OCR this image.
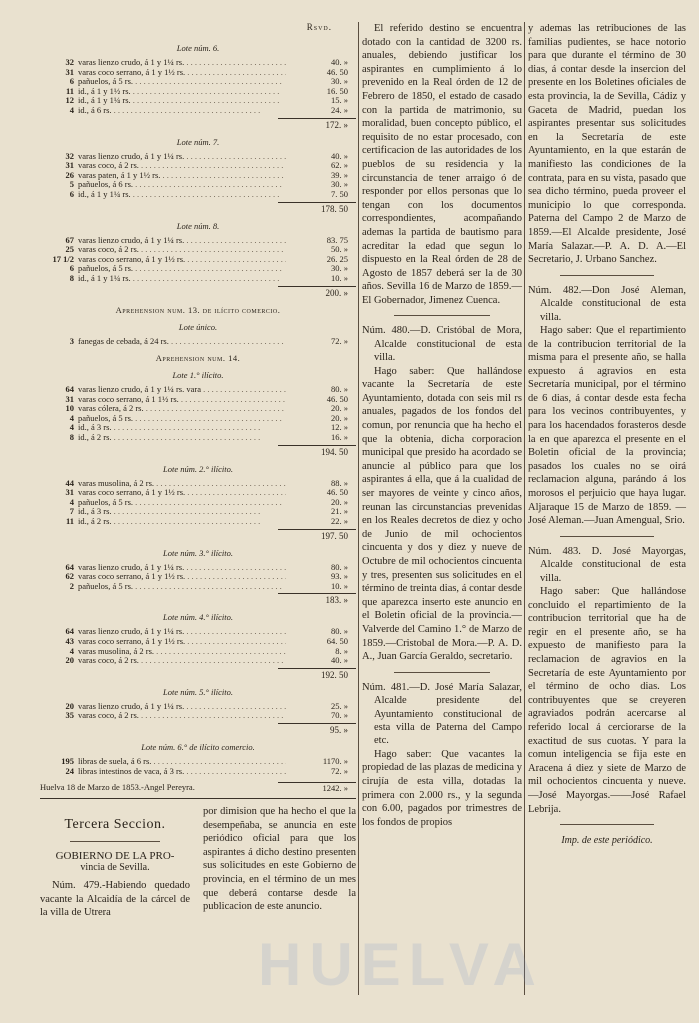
Rsvd.
Lote núm. 6.
32 varas lienzo crudo, á 1 y 1¼ rs. . . .	40. »
31 varas coco serrano, á 1 y 1½ rs. . . .	46. 50
6 pañuelos, á 5 rs. . . .	30. »
11 id., á 1 y 1½ rs. . . .	16. 50
12 id., á 1 y 1¼ rs. . . .	15. »
4 id., á 6 rs. . . .	24. »
172. »
Lote núm. 7.
32 varas lienzo crudo, á 1 y 1¼ rs. . . .	40. »
31 varas coco, á 2 rs. . . .	62. »
26 varas paten, á 1 y 1½ rs. . . .	39. »
5 pañuelos, á 6 rs. . . .	30. »
6 id., á 1 y 1¼ rs. . . .	7. 50
178. 50
Lote núm. 8.
67 varas lienzo crudo, á 1 y 1¼ rs. . . .	83. 75
25 varas coco, á 2 rs. . . .	50. »
17 1/2 varas coco serrano, á 1 y 1½ rs. . . .	26. 25
6 pañuelos, á 5 rs. . . .	30. »
8 id., á 1 y 1¼ rs. . . .	10. »
200. »
Aprehension num. 13. de ilícito comercio.
Lote único.
3 fanegas de cebada, á 24 rs. . . .	72. »
Aprehension num. 14.
Lote 1.° ilícito.
64 varas lienzo crudo, á 1 y 1¼ rs. vara . . .	80. »
31 varas coco serrano, á 1 1½ rs. . . .	46. 50
10 varas cólera, á 2 rs. . . .	20. »
4 pañuelos, á 5 rs. . . .	20. »
4 id., á 3 rs. . . .	12. »
8 id., á 2 rs. . . .	16. »
194. 50
Lote núm. 2.° ilícito.
44 varas musolina, á 2 rs. . . .	88. »
31 varas coco serrano, á 1 y 1½ rs. . . .	46. 50
4 pañuelos, á 5 rs. . . .	20. »
7 id., á 3 rs. . . .	21. »
11 id., á 2 rs. . . .	22. »
197. 50
Lote núm. 3.° ilícito.
64 varas lienzo crudo, á 1 y 1¼ rs. . . .	80. »
62 varas coco serrano, á 1 y 1½ rs. . . .	93. »
2 pañuelos, á 5 rs. . . .	10. »
183. »
Lote núm. 4.° ilícito.
64 varas lienzo crudo, á 1 y 1¼ rs. . . .	80. »
43 varas coco serrano, á 1 y 1½ rs. . . .	64. 50
4 varas musolina, á 2 rs. . . .	8. »
20 varas coco, á 2 rs. . . .	40. »
192. 50
Lote núm. 5.° ilícito.
20 varas lienzo crudo, á 1 y 1¼ rs. . . .	25. »
35 varas coco, á 2 rs. . . .	70. »
95. »
Lote núm. 6.° de ilícito comercio.
195 libras de suela, á 6 rs. . . .	1170. »
24 libras intestinos de vaca, á 3 rs. . . .	72. »
Huelva 18 de Marzo de 1853.-Angel Pereyra.	1242. »
Tercera Seccion.
GOBIERNO DE LA PRO-
vincia de Sevilla.

Núm. 479.-Habiendo quedado vacante la Alcaidía de la cárcel de la villa de Utrera

por dimision que ha hecho el que la desempeñaba, se anuncia en este periódico oficial para que los aspirantes á dicho destino presenten sus solicitudes en este Gobierno de provincia, en el término de un mes que deberá contarse desde la publicacion de este anuncio.

El referido destino se encuentra dotado con la cantidad de 3200 rs. anuales, debiendo justificar los aspirantes en cumplimiento á lo prevenido en la Real órden de 12 de Febrero de 1850, el estado de casado con la partida de matrimonio, su moralidad, buen concepto público, el requisito de no estar procesado, con certificacion de las autoridades de los pueblos de su residencia y la circunstancia de tener arraigo ó de responder por ellos personas que lo tengan con los documentos correspondientes, acompañando ademas la partida de bautismo para acreditar la edad que segun lo dispuesto en la Real órden de 28 de Agosto de 1857 deberá ser la de 30 años. Sevilla 16 de Marzo de 1859.—El Gobernador, Jimenez Cuenca.

Núm. 480.—D. Cristóbal de Mora, Alcalde constitucional de esta villa.

Hago saber: Que hallándose vacante la Secretaría de este Ayuntamiento, dotada con seis mil rs anuales, pagados de los fondos del comun, por renuncia que ha hecho el que la obtenia, dicha corporacion municipal que presido ha acordado se anuncie al público para que los aspirantes á ella, que á la cualidad de ser mayores de veinte y cinco años, reunan las circunstancias prevenidas en los Reales decretos de diez y ocho de Junio de mil ochocientos cincuenta y dos y diez y nueve de Octubre de mil ochocientos cincuenta y tres, presenten sus solicitudes en el término de treinta dias, á contar desde que aparezca inserto este anuncio en el Boletin oficial de la provincia.—Valverde del Camino 1.° de Marzo de 1859.—Cristobal de Mora.—P. A. D. A., Juan García Geraldo, secretario.

Núm. 481.—D. José María Salazar, Alcalde presidente del Ayuntamiento constitucional de esta villa de Paterna del Campo etc.

Hago saber: Que vacantes la propiedad de las plazas de medicina y cirujía de esta villa, dotadas la primera con 2.000 rs., y la segunda con 6.00, pagados por trimestres de los fondos de propios

y ademas las retribuciones de las familias pudientes, se hace notorio para que durante el término de 30 dias, á contar desde la insercion del presente en los Boletines oficiales de esta provincia, la de Sevilla, Cádiz y Gaceta de Madrid, puedan los aspirantes presentar sus solicitudes en la Secretaría de este Ayuntamiento, en la que estarán de manifiesto las condiciones de la contrata, para en su vista, pasado que sea dicho término, pueda proveer el municipio lo que corresponda. Paterna del Campo 2 de Marzo de 1859.—El Alcalde presidente, José María Salazar.—P. A. D. A.—El Secretario, J. Urbano Sanchez.

Núm. 482.—Don José Aleman, Alcalde constitucional de esta villa.

Hago saber: Que el repartimiento de la contribucion territorial de la misma para el presente año, se halla expuesto á agravios en esta Secretaría municipal, por el término de 6 dias, á contar desde esta fecha para los vecinos contribuyentes, y para los hacendados forasteros desde la en que aparezca el presente en el Boletin oficial de la provincia; pasados los cuales no se oirá reclamacion alguna, parándo á los morosos el perjuicio que haya lugar. Aljaraque 15 de Marzo de 1859. —José Aleman.—Juan Amengual, Srio.

Núm. 483. D. José Mayorgas, Alcalde constitucional de esta villa.

Hago saber: Que hallándose concluido el repartimiento de la contribucion territorial que ha de regir en el presente año, se ha expuesto de manifiesto para la reclamacion de agravios en la Secretaría de este Ayuntamiento por el término de ocho dias. Los contribuyentes que se creyeren agraviados podrán acercarse al referido local á cerciorarse de la exactitud de sus cuotas. Y para la comun inteligencia se fija este en Aracena á diez y siete de Marzo de mil ochocientos cincuenta y nueve.—José Mayorgas.——José Rafael Lebrija.

Imp. de este periódico.
HUELVA
